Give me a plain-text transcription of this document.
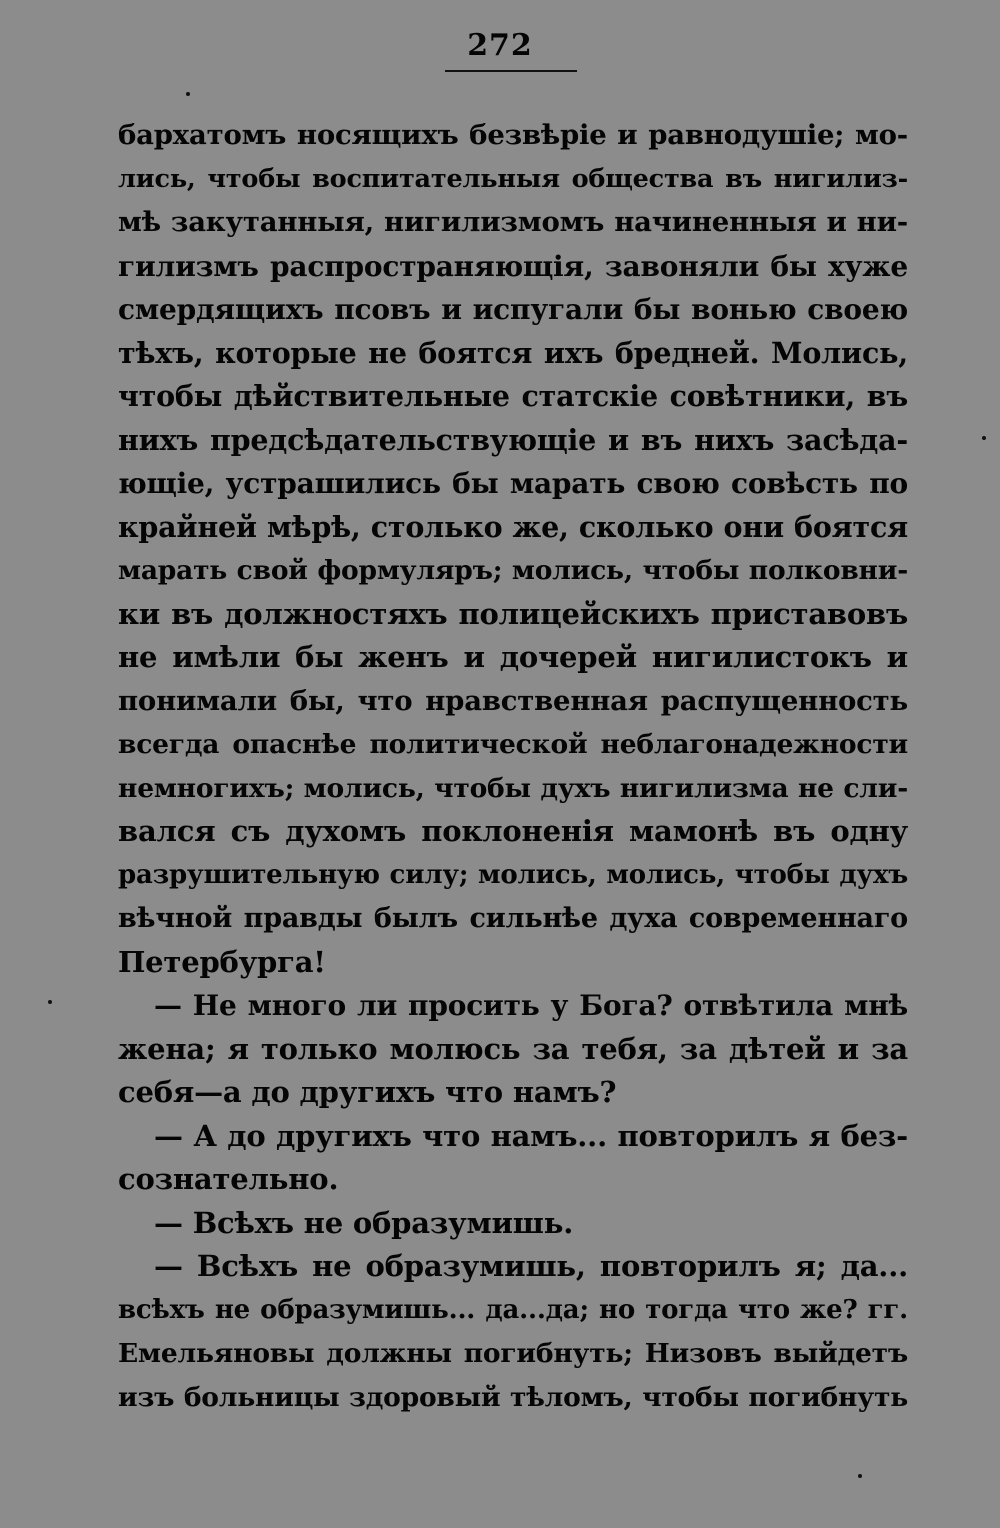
272
бархатомъ носящихъ безвѣріе и равнодушіе; мо-
лись, чтобы воспитательныя общества въ нигилиз-
мѣ закутанныя, нигилизмомъ начиненныя и ни-
гилизмъ распространяющія, завоняли бы хуже
смердящихъ псовъ и испугали бы вонью своею
тѣхъ, которые не боятся ихъ бредней. Молись,
чтобы дѣйствительные статскіе совѣтники, въ
нихъ предсѣдательствующіе и въ нихъ засѣда-
ющіе, устрашились бы марать свою совѣсть по
крайней мѣрѣ, столько же, сколько они боятся
марать свой формуляръ; молись, чтобы полковни-
ки въ должностяхъ полицейскихъ приставовъ
не имѣли бы женъ и дочерей нигилистокъ и
понимали бы, что нравственная распущенность
всегда опаснѣе политической неблагонадежности
немногихъ; молись, чтобы духъ нигилизма не сли-
вался съ духомъ поклоненія мамонѣ въ одну
разрушительную силу; молись, молись, чтобы духъ
вѣчной правды былъ сильнѣе духа современнаго
Петербурга!
— Не много ли просить у Бога? отвѣтила мнѣ
жена; я только молюсь за тебя, за дѣтей и за
себя—а до другихъ что намъ?
— А до другихъ что намъ... повторилъ я без-
сознательно.
— Всѣхъ не образумишь.
— Всѣхъ не образумишь, повторилъ я; да...
всѣхъ не образумишь... да...да; но тогда что же? гг.
Емельяновы должны погибнуть; Низовъ выйдетъ
изъ больницы здоровый тѣломъ, чтобы погибнуть
